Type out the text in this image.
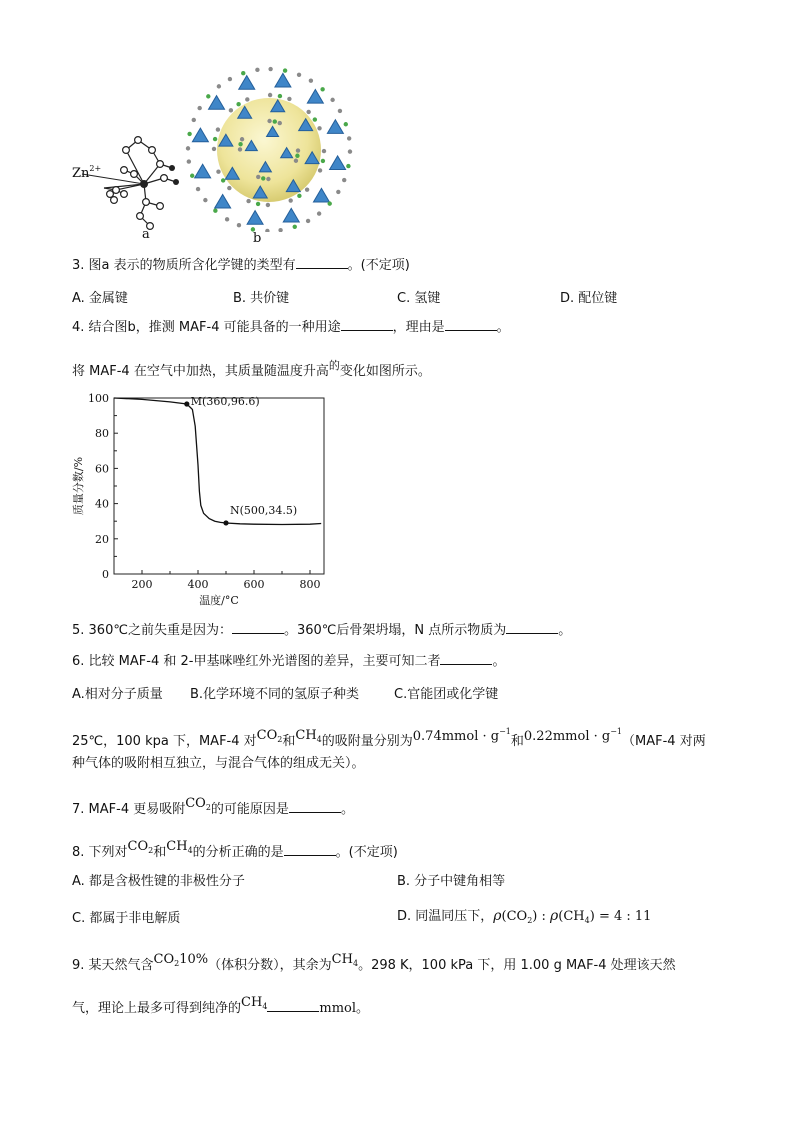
$Zn^{2+}$
a	b
3. 图a 表示的物质所含化学键的类型有	。(不定项)
A. 金属键	B. 共价键	C. 氢键	D. 配位键
4. 结合图b，推测 MAF-4 可能具备的一种用途	，理由是	。
将 MAF-4 在空气中加热，其质量随温度升高$^的$变化如图所示。
0
20
40
60
80
100
200	400	600	800
温度/°C
质量分数/%
M(360,96.6)
N(500,34.5)
5. 360℃之前失重是因为：	。360℃后骨架坍塌，N 点所示物质为	。
6. 比较 MAF-4 和 2-甲基咪唑红外光谱图的差异，主要可知二者	。
A.相对分子质量 B.化学环境不同的氢原子种类	C.官能团或化学键
25℃，100 kpa 下，MAF-4 对$CO_2$和$CH_4$的吸附量分别为0.74mmol · $g^{-1}$和0.22mmol · $g^{-1}(MAF-4$ 对两
种气体的吸附相互独立，与混合气体的组成无关）。
7. MAF-4 更易吸附$CO_2$的可能原因是	。
8. 下列对$CO_2$和$CH_4$的分析正确的是	。(不定项)
A. 都是含极性键的非极性分子	B. 分子中键角相等
C. 都属于非电解质	D. 同温同压下，$\rho(CO_2)$ : $\rho(CH_4) = 4$ : 11
9. 某天然气含$CO_210\%$（体积分数），其余为$CH_4$。298 K，100 kPa 下，用 1.00 g MAF-4 处理该天然
气，理论上最多可得到纯净的$CH_4$	mmol。
